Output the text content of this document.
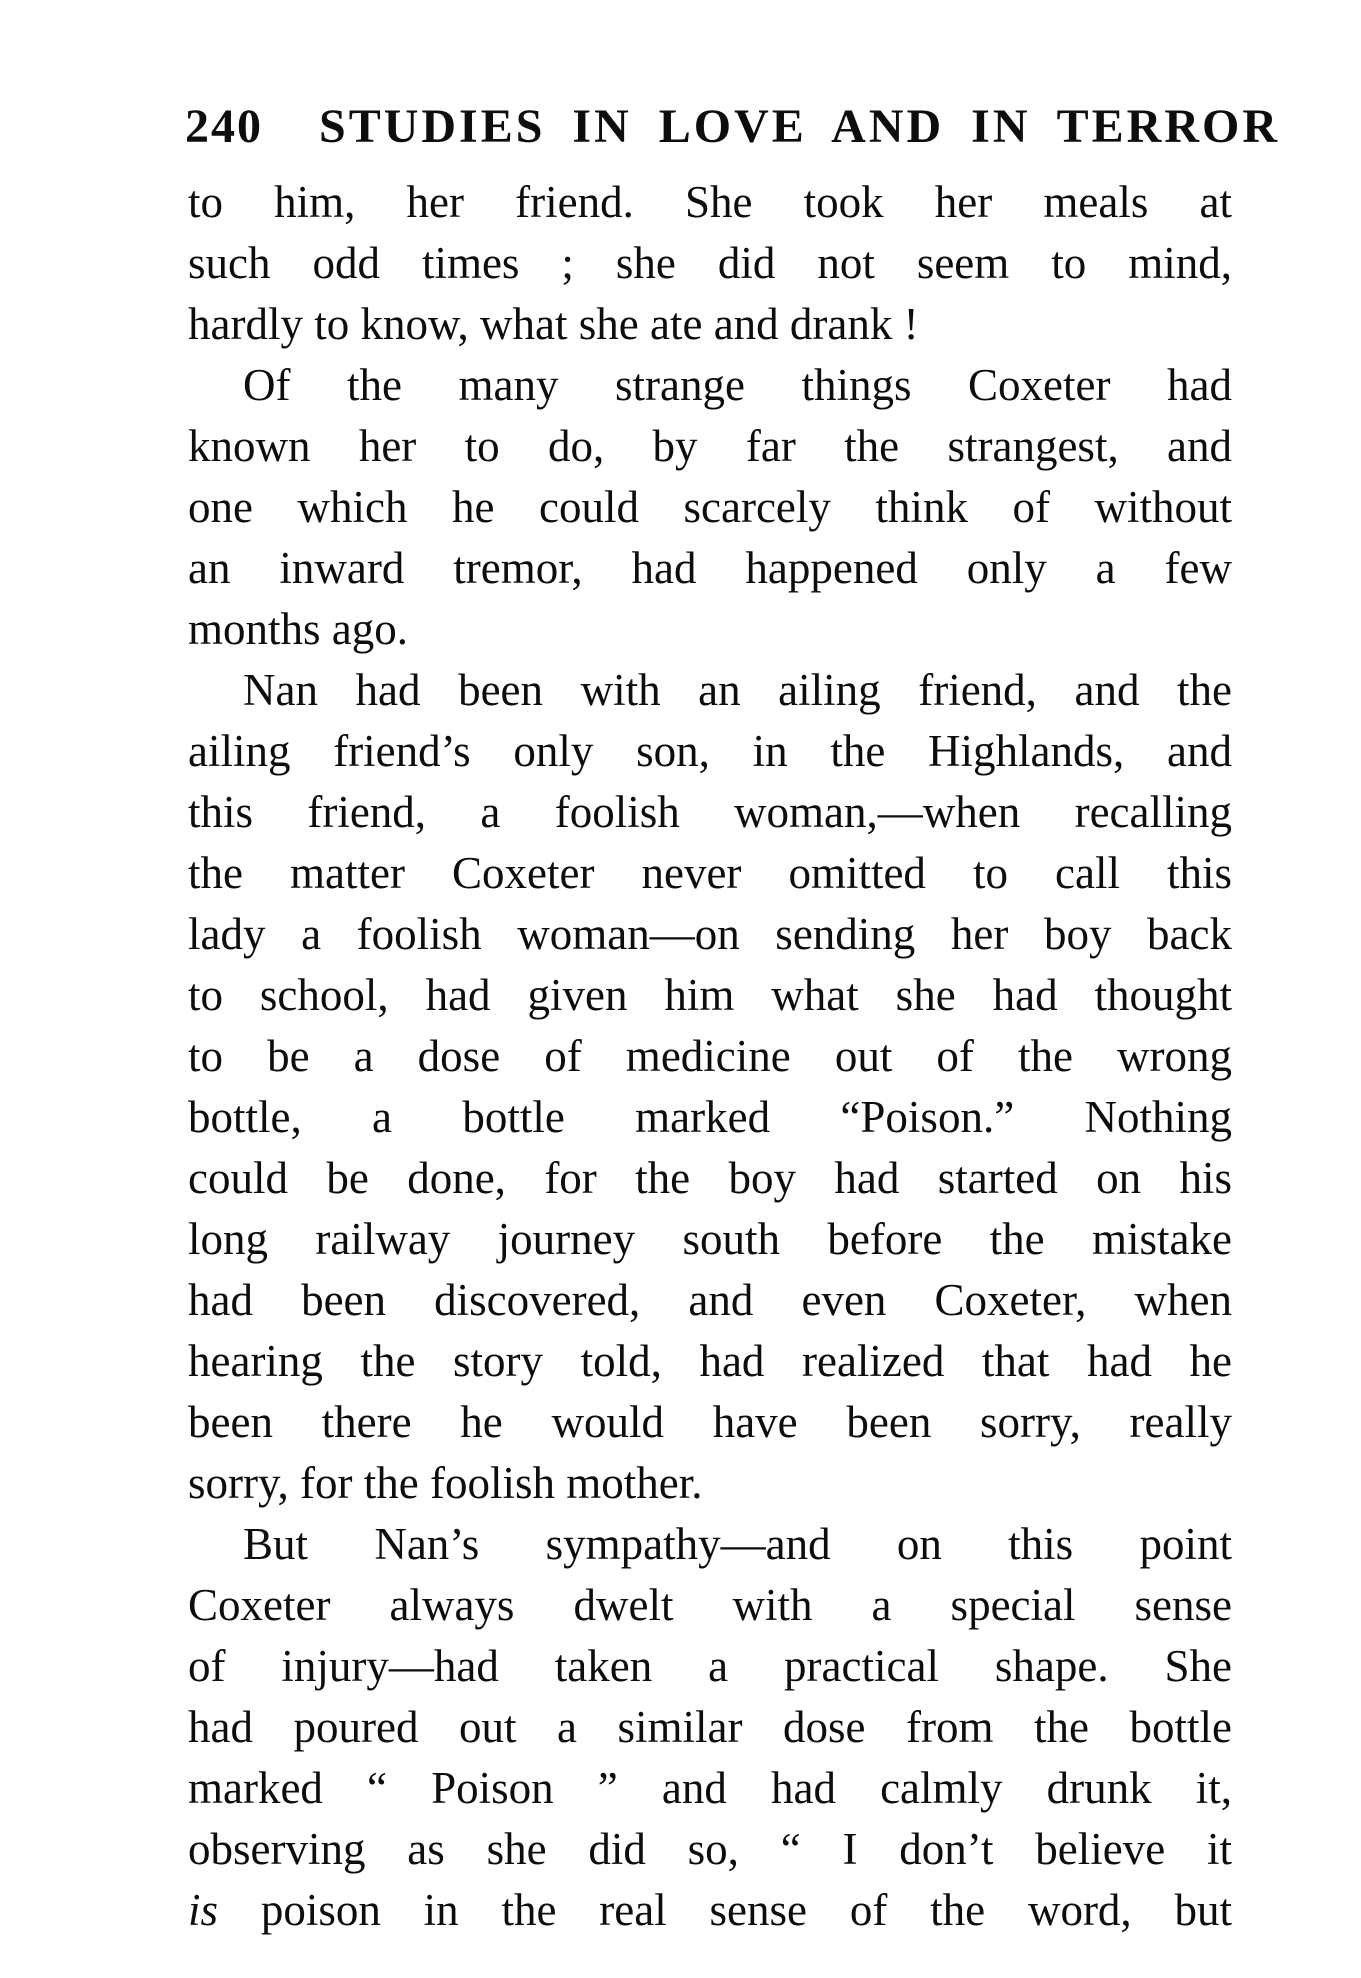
240 STUDIES IN LOVE AND IN TERROR

to him, her friend. She took her meals at

such odd times ; she did not seem to mind,

hardly to know, what she ate and drank !

Of the many strange things Coxeter had

known her to do, by far the strangest, and

one which he could scarcely think of without

an inward tremor, had happened only a few

months ago.

Nan had been with an ailing friend, and the

ailing friend’s only son, in the Highlands, and

this friend, a foolish woman,—when recalling

the matter Coxeter never omitted to call this

lady a foolish woman—on sending her boy back

to school, had given him what she had thought

to be a dose of medicine out of the wrong

bottle, a bottle marked “Poison.” Nothing

could be done, for the boy had started on his

long railway journey south before the mistake

had been discovered, and even Coxeter, when

hearing the story told, had realized that had he

been there he would have been sorry, really

sorry, for the foolish mother.

But Nan’s sympathy—and on this point

Coxeter always dwelt with a special sense

of injury—had taken a practical shape. She

had poured out a similar dose from the bottle

marked “ Poison ” and had calmly drunk it,

observing as she did so, “ I don’t believe it

is poison in the real sense of the word, but
